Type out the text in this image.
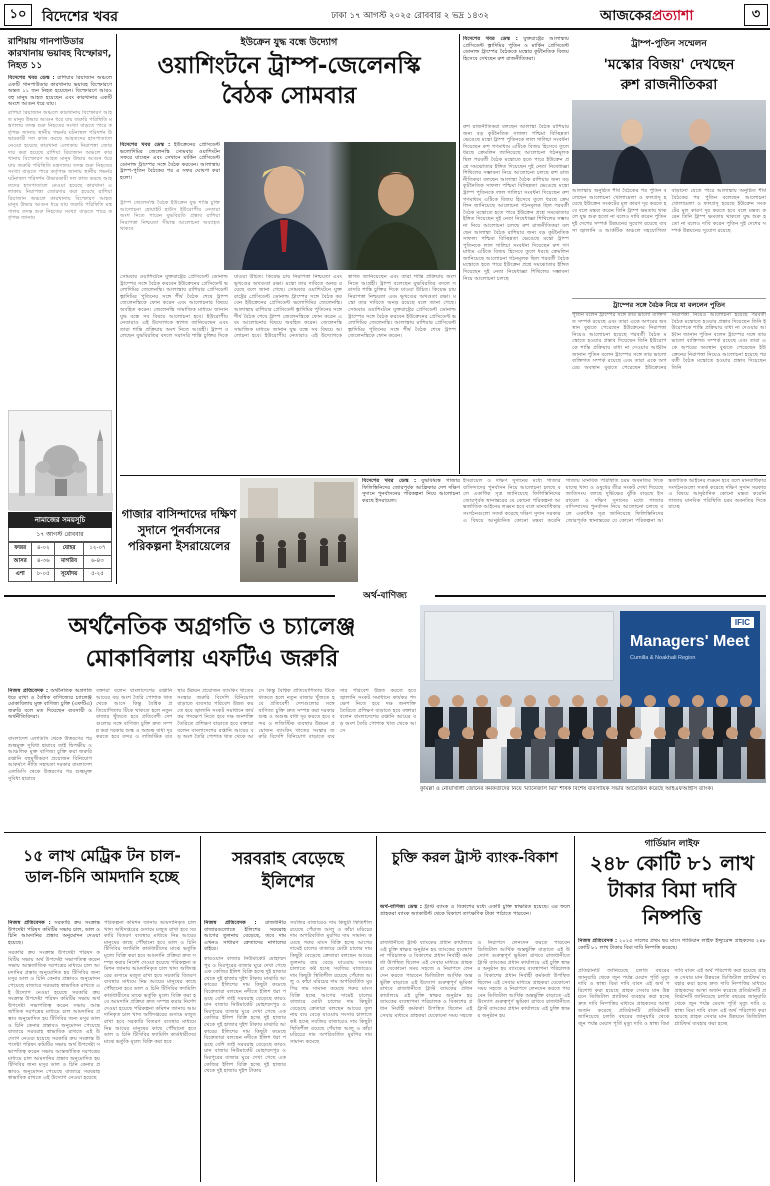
১০	বিদেশের খবর	ঢাকা ১৭ আগস্ট ২০২৫ রোববার ২ ভদ্র ১৪৩২	আজকেরপ্রত্যাশা	৩
রাশিয়ায় গানপাউডার কারখানায় ভয়াবহ বিস্ফোরণ, নিহত ১১
বিদেশের খবর ডেস্ক : রাশিয়ার রিয়াজান অঞ্চলে একটি গানপাউডার কারখানায় ভয়াবহ বিস্ফোরণে অন্তত ১১ জন নিহত হয়েছেন। বিস্ফোরণে আরও বহু মানুষ আহত হয়েছেন এবং কারখানার একটি অংশে আগুন ধরে যায়।
রাশিয়া রিয়াজান অঞ্চলে কারখানায় বিস্ফোরণ আহত মানুষ উদ্ধার আগুন ধরে যায় জরুরি পরিস্থিতি মন্ত্রণালয় তদন্ত শুরু নিহতের সংখ্যা বাড়তে পারে কর্তৃপক্ষ জানায় স্থানীয় গভর্নর ঘটনাস্থল পরিদর্শন উদ্ধারকারী দল কাজ করছে আহতদের হাসপাতালে নেওয়া হয়েছে কারখানা এলাকায় নিরাপত্তা জোরদার করা হয়েছে রাশিয়া রিয়াজান অঞ্চলে কারখানায় বিস্ফোরণ আহত মানুষ উদ্ধার আগুন ধরে যায় জরুরি পরিস্থিতি মন্ত্রণালয় তদন্ত শুরু নিহতের সংখ্যা বাড়তে পারে কর্তৃপক্ষ জানায় স্থানীয় গভর্নর ঘটনাস্থল পরিদর্শন উদ্ধারকারী দল কাজ করছে আহতদের হাসপাতালে নেওয়া হয়েছে কারখানা এলাকায় নিরাপত্তা জোরদার করা হয়েছে রাশিয়া রিয়াজান অঞ্চলে কারখানায় বিস্ফোরণ আহত মানুষ উদ্ধার আগুন ধরে যায় জরুরি পরিস্থিতি মন্ত্রণালয় তদন্ত শুরু নিহতের সংখ্যা বাড়তে পারে কর্তৃপক্ষ জানায়
নামাজের সময়সূচি
১৭ আগস্ট রোববার
ফজর	৪-০২	যোহর	১২-০৭
আসর	৪-৩৬	মাগরিব	৬-৪৩
এশা	৮-০৫	সূর্যোদয়	৫-২৫
ইউক্রেন যুদ্ধ বন্ধে উদ্যোগ
ওয়াশিংটনে ট্রাম্প-জেলেনস্কি
বৈঠক সোমবার
বিদেশের খবর ডেস্ক : ইউক্রেনের প্রেসিডেন্ট ভলোদিমির জেলেনস্কি সোমবার ওয়াশিংটন সফরে যাচ্ছেন এবং সেখানে মার্কিন প্রেসিডেন্ট ডোনাল্ড ট্রাম্পের সঙ্গে বৈঠক করবেন। আলাস্কায় ট্রাম্প-পুতিন বৈঠকের পর এ সফর ঘোষণা করা হলো।
ট্রাম্প জেলেনস্কি বৈঠক ইউক্রেন যুদ্ধ শান্তি চুক্তি আলোচনা হোয়াইট হাউস ইউরোপীয় নেতারা অংশ নিতে পারেন যুদ্ধবিরতি প্রস্তাব রাশিয়া নিরাপত্তা নিশ্চয়তা সীমান্ত আলোচনা অব্যাহত থাকবে
সোমবার ওয়াশিংটনে যুক্তরাষ্ট্রের প্রেসিডেন্ট ডোনাল্ড ট্রাম্পের সঙ্গে বৈঠক করবেন ইউক্রেনের প্রেসিডেন্ট ভলোদিমির জেলেনস্কি। আলাস্কায় রাশিয়ার প্রেসিডেন্ট ভ্লাদিমির পুতিনের সঙ্গে শীর্ষ বৈঠক শেষে ট্রাম্প জেলেনস্কিকে ফোন করেন এবং আলোচনার বিষয়ে অবহিত করেন। জেলেনস্কি সামাজিক মাধ্যমে জানান যুদ্ধ বন্ধে সব বিষয়ে আলোচনা হবে। ইউরোপীয় নেতারাও এই উদ্যোগকে স্বাগত জানিয়েছেন এবং তারা শান্তি প্রক্রিয়ায় অংশ নিতে আগ্রহী। ট্রাম্প বলেছেন যুদ্ধবিরতির বদলে সরাসরি শান্তি চুক্তির দিকে যাওয়া উচিত। কিয়েভ চায় নিরাপত্তা নিশ্চয়তা এবং ভূখণ্ডের অখণ্ডতা রক্ষা। মস্কো তার দাবিতে অনড় রয়েছে বলে জানা গেছে। সোমবার ওয়াশিংটনে যুক্তরাষ্ট্রের প্রেসিডেন্ট ডোনাল্ড ট্রাম্পের সঙ্গে বৈঠক করবেন ইউক্রেনের প্রেসিডেন্ট ভলোদিমির জেলেনস্কি। আলাস্কায় রাশিয়ার প্রেসিডেন্ট ভ্লাদিমির পুতিনের সঙ্গে শীর্ষ বৈঠক শেষে ট্রাম্প জেলেনস্কিকে ফোন করেন এবং আলোচনার বিষয়ে অবহিত করেন। জেলেনস্কি সামাজিক মাধ্যমে জানান যুদ্ধ বন্ধে সব বিষয়ে আলোচনা হবে। ইউরোপীয় নেতারাও এই উদ্যোগকে স্বাগত জানিয়েছেন এবং তারা শান্তি প্রক্রিয়ায় অংশ নিতে আগ্রহী। ট্রাম্প বলেছেন যুদ্ধবিরতির বদলে সরাসরি শান্তি চুক্তির দিকে যাওয়া উচিত। কিয়েভ চায় নিরাপত্তা নিশ্চয়তা এবং ভূখণ্ডের অখণ্ডতা রক্ষা। মস্কো তার দাবিতে অনড় রয়েছে বলে জানা গেছে। সোমবার ওয়াশিংটনে যুক্তরাষ্ট্রের প্রেসিডেন্ট ডোনাল্ড ট্রাম্পের সঙ্গে বৈঠক করবেন ইউক্রেনের প্রেসিডেন্ট ভলোদিমির জেলেনস্কি। আলাস্কায় রাশিয়ার প্রেসিডেন্ট ভ্লাদিমির পুতিনের সঙ্গে শীর্ষ বৈঠক শেষে ট্রাম্প জেলেনস্কিকে ফোন করেন।
বিদেশের খবর ডেস্ক : যুক্তরাষ্ট্রের আলাস্কায় প্রেসিডেন্ট ভ্লাদিমির পুতিন ও মার্কিন প্রেসিডেন্ট ডোনাল্ড ট্রাম্পের বৈঠককে মস্কোর কূটনৈতিক বিজয় হিসেবে দেখছেন রুশ রাজনীতিকরা।
ট্রাম্প-পুতিন সম্মেলন
'মস্কোর বিজয়' দেখছেন
রুশ রাজনীতিকরা
রুশ রাজনীতিকরা বলছেন আলাস্কা বৈঠক রাশিয়ার জন্য বড় কূটনৈতিক সাফল্য পশ্চিমা বিচ্ছিন্নতা ভেঙেছে মস্কো ট্রাম্প পুতিনকে লাল গালিচা সংবর্ধনা দিয়েছেন রুশ গণমাধ্যম এটিকে বিজয় হিসেবে তুলে ধরছে ক্রেমলিন জানিয়েছে আলোচনা গঠনমূলক ছিল পরবর্তী বৈঠক মস্কোতে হতে পারে ইউক্রেন প্রশ্নে সমঝোতার ইঙ্গিত দিয়েছেন দুই নেতা নিষেধাজ্ঞা শিথিলের সম্ভাবনা নিয়ে আলোচনা চলছে রুশ রাজনীতিকরা বলছেন আলাস্কা বৈঠক রাশিয়ার জন্য বড় কূটনৈতিক সাফল্য পশ্চিমা বিচ্ছিন্নতা ভেঙেছে মস্কো ট্রাম্প পুতিনকে লাল গালিচা সংবর্ধনা দিয়েছেন রুশ গণমাধ্যম এটিকে বিজয় হিসেবে তুলে ধরছে ক্রেমলিন জানিয়েছে আলোচনা গঠনমূলক ছিল পরবর্তী বৈঠক মস্কোতে হতে পারে ইউক্রেন প্রশ্নে সমঝোতার ইঙ্গিত দিয়েছেন দুই নেতা নিষেধাজ্ঞা শিথিলের সম্ভাবনা নিয়ে আলোচনা চলছে রুশ রাজনীতিকরা বলছেন আলাস্কা বৈঠক রাশিয়ার জন্য বড় কূটনৈতিক সাফল্য পশ্চিমা বিচ্ছিন্নতা ভেঙেছে মস্কো ট্রাম্প পুতিনকে লাল গালিচা সংবর্ধনা দিয়েছেন রুশ গণমাধ্যম এটিকে বিজয় হিসেবে তুলে ধরছে ক্রেমলিন জানিয়েছে আলোচনা গঠনমূলক ছিল পরবর্তী বৈঠক মস্কোতে হতে পারে ইউক্রেন প্রশ্নে সমঝোতার ইঙ্গিত দিয়েছেন দুই নেতা নিষেধাজ্ঞা শিথিলের সম্ভাবনা নিয়ে আলোচনা চলছে
ট্রাম্পের সঙ্গে বৈঠক নিয়ে যা বললেন পুতিন
আলাস্কায় অনুষ্ঠিত শীর্ষ বৈঠকের পর পুতিন বলেছেন আলোচনা খোলামেলা ও ফলপ্রসূ হয়েছে ইউক্রেন সংকটের মূল কারণ দূর করতে হবে বলে মন্তব্য করেন তিনি ট্রাম্প ক্ষমতায় থাকলে যুদ্ধ শুরু হতো না বলেও দাবি করেন পুতিন দুই দেশের সম্পর্ক উন্নয়নের সুযোগ রয়েছে ব্যবসা জ্বালানি ও আর্কটিক অঞ্চলে সহযোগিতা বাড়ানো যেতে পারে আলাস্কায় অনুষ্ঠিত শীর্ষ বৈঠকের পর পুতিন বলেছেন আলোচনা খোলামেলা ও ফলপ্রসূ হয়েছে ইউক্রেন সংকটের মূল কারণ দূর করতে হবে বলে মন্তব্য করেন তিনি ট্রাম্প ক্ষমতায় থাকলে যুদ্ধ শুরু হতো না বলেও দাবি করেন পুতিন দুই দেশের সম্পর্ক উন্নয়নের সুযোগ রয়েছে
পুতিন বলেন ট্রাম্পের সঙ্গে তার ভালো ব্যক্তিগত সম্পর্ক রয়েছে এবং তারা একে অপরের অবস্থান বুঝতে পেরেছেন ইউক্রেনের নিরাপত্তা নিয়েও আলোচনা হয়েছে পরবর্তী বৈঠক মস্কোতে হওয়ার প্রস্তাব দিয়েছেন তিনি ইউরোপকে শান্তি প্রক্রিয়ায় বাধা না দেওয়ার আহ্বান জানান পুতিন বলেন ট্রাম্পের সঙ্গে তার ভালো ব্যক্তিগত সম্পর্ক রয়েছে এবং তারা একে অপরের অবস্থান বুঝতে পেরেছেন ইউক্রেনের নিরাপত্তা নিয়েও আলোচনা হয়েছে পরবর্তী বৈঠক মস্কোতে হওয়ার প্রস্তাব দিয়েছেন তিনি ইউরোপকে শান্তি প্রক্রিয়ায় বাধা না দেওয়ার আহ্বান জানান পুতিন বলেন ট্রাম্পের সঙ্গে তার ভালো ব্যক্তিগত সম্পর্ক রয়েছে এবং তারা একে অপরের অবস্থান বুঝতে পেরেছেন ইউক্রেনের নিরাপত্তা নিয়েও আলোচনা হয়েছে পরবর্তী বৈঠক মস্কোতে হওয়ার প্রস্তাব দিয়েছেন তিনি
গাজার বাসিন্দাদের দক্ষিণ সুদানে পুনর্বাসনের পরিকল্পনা ইসরায়েলের
বিদেশের খবর ডেস্ক : যুদ্ধবিধ্বস্ত গাজার ফিলিস্তিনিদের জোরপূর্বক আফ্রিকার দেশ দক্ষিণ সুদানে পুনর্বাসনের পরিকল্পনা নিয়ে আলোচনা করছে ইসরায়েল।
ইসরায়েল ও দক্ষিণ সুদানের মধ্যে গাজার বাসিন্দাদের পুনর্বাসন নিয়ে আলোচনা চলছে বলে একাধিক সূত্র জানিয়েছে ফিলিস্তিনিদের জোরপূর্বক স্থানান্তরের যে কোনো পরিকল্পনা আন্তর্জাতিক আইনের লঙ্ঘন হবে বলে মানবাধিকার সংগঠনগুলো সতর্ক করেছে দক্ষিণ সুদান সরকার এ বিষয়ে আনুষ্ঠানিক কোনো মন্তব্য করেনি গাজায় মানবিক পরিস্থিতি চরম অবনতির দিকে যাচ্ছে খাদ্য ও ওষুধের তীব্র সংকট দেখা দিয়েছে জাতিসংঘ বলছে দুর্ভিক্ষের ঝুঁকি বাড়ছে ইসরায়েল ও দক্ষিণ সুদানের মধ্যে গাজার বাসিন্দাদের পুনর্বাসন নিয়ে আলোচনা চলছে বলে একাধিক সূত্র জানিয়েছে ফিলিস্তিনিদের জোরপূর্বক স্থানান্তরের যে কোনো পরিকল্পনা আন্তর্জাতিক আইনের লঙ্ঘন হবে বলে মানবাধিকার সংগঠনগুলো সতর্ক করেছে দক্ষিণ সুদান সরকার এ বিষয়ে আনুষ্ঠানিক কোনো মন্তব্য করেনি গাজায় মানবিক পরিস্থিতি চরম অবনতির দিকে যাচ্ছে
অর্থ-বাণিজ্য
অর্থনৈতিক অগ্রগতি ও চ্যালেঞ্জ
মোকাবিলায় এফটিএ জরুরি
নিজস্ব প্রতিবেদক : অর্থনৈতিক অগ্রগতি ধরে রাখা ও বৈশ্বিক বাণিজ্যের চ্যালেঞ্জ মোকাবিলায় মুক্ত বাণিজ্য চুক্তি (এফটিএ) জরুরি বলে মত দিয়েছেন ব্যবসায়ী ও অর্থনীতিবিদরা।
বাংলাদেশ এলডিসি থেকে উত্তরণের পর শুল্কমুক্ত সুবিধা হারাবে তাই দ্বিপক্ষীয় ও আঞ্চলিক মুক্ত বাণিজ্য চুক্তি করা জরুরি রপ্তানি বহুমুখীকরণ প্রয়োজন বিনিয়োগ আকর্ষণে নীতি সহায়তা দরকার বাংলাদেশ এলডিসি থেকে উত্তরণের পর শুল্কমুক্ত সুবিধা হারাবে
বক্তারা বলেন বাংলাদেশের রপ্তানি আয়ের বড় অংশ তৈরি পোশাক খাত থেকে আসে কিন্তু বৈশ্বিক প্রতিযোগিতায় টিকে থাকতে হলে নতুন বাজার খুঁজতে হবে প্রতিবেশী দেশগুলোর সঙ্গে বাণিজ্য চুক্তি দ্রুত সম্পন্ন করা দরকার শুল্ক ও অশুল্ক বাধা দূর করতে হবে বন্দর ও লজিস্টিক ব্যবস্থার উন্নয়ন প্রয়োজন ব্যাংকিং খাতের সংস্কার জরুরি বিদেশি বিনিয়োগ বাড়াতে ব্যবসার পরিবেশ উন্নত করতে হবে জ্বালানি সংকট সমাধানে কার্যকর পদক্ষেপ নিতে হবে দক্ষ জনশক্তি তৈরিতে প্রশিক্ষণ বাড়াতে হবে বক্তারা বলেন বাংলাদেশের রপ্তানি আয়ের বড় অংশ তৈরি পোশাক খাত থেকে আসে কিন্তু বৈশ্বিক প্রতিযোগিতায় টিকে থাকতে হলে নতুন বাজার খুঁজতে হবে প্রতিবেশী দেশগুলোর সঙ্গে বাণিজ্য চুক্তি দ্রুত সম্পন্ন করা দরকার শুল্ক ও অশুল্ক বাধা দূর করতে হবে বন্দর ও লজিস্টিক ব্যবস্থার উন্নয়ন প্রয়োজন ব্যাংকিং খাতের সংস্কার জরুরি বিদেশি বিনিয়োগ বাড়াতে ব্যবসার পরিবেশ উন্নত করতে হবে জ্বালানি সংকট সমাধানে কার্যকর পদক্ষেপ নিতে হবে দক্ষ জনশক্তি তৈরিতে প্রশিক্ষণ বাড়াতে হবে বক্তারা বলেন বাংলাদেশের রপ্তানি আয়ের বড় অংশ তৈরি পোশাক খাত থেকে আসে
Managers' Meet
Cumilla & Noakhali Region
IFIC
কুমিল্লা ও নোয়াখালী জোনের কর্মকর্তাদের নিয়ে 'ম্যানেজার্স মিট' শীর্ষক বিশেষ ব্যবসায়িক সভার আয়োজন করেছে আইএফআইসি ব্যাংক।
১৫ লাখ মেট্রিক টন চাল-ডাল-চিনি আমদানি হচ্ছে
নিজস্ব প্রতিবেদক : সরকারি ক্রয় সংক্রান্ত উপদেষ্টা পরিষদ কমিটির সভায় চাল, ডাল ও চিনি আমদানির প্রস্তাব অনুমোদন দেওয়া হয়েছে।
সরকারি ক্রয় সংক্রান্ত উপদেষ্টা পরিষদ কমিটির সভায় অর্থ উপদেষ্টা সভাপতিত্ব করেন সভায় আন্তর্জাতিক দরপত্রের মাধ্যমে চাল আমদানির প্রস্তাব অনুমোদিত হয় টিসিবির জন্য মসুর ডাল ও চিনি কেনার প্রস্তাবও অনুমোদন পেয়েছে বাজারে সরবরাহ স্বাভাবিক রাখতে এই উদ্যোগ নেওয়া হয়েছে সরকারি ক্রয় সংক্রান্ত উপদেষ্টা পরিষদ কমিটির সভায় অর্থ উপদেষ্টা সভাপতিত্ব করেন সভায় আন্তর্জাতিক দরপত্রের মাধ্যমে চাল আমদানির প্রস্তাব অনুমোদিত হয় টিসিবির জন্য মসুর ডাল ও চিনি কেনার প্রস্তাবও অনুমোদন পেয়েছে বাজারে সরবরাহ স্বাভাবিক রাখতে এই উদ্যোগ নেওয়া হয়েছে সরকারি ক্রয় সংক্রান্ত উপদেষ্টা পরিষদ কমিটির সভায় অর্থ উপদেষ্টা সভাপতিত্ব করেন সভায় আন্তর্জাতিক দরপত্রের মাধ্যমে চাল আমদানির প্রস্তাব অনুমোদিত হয় টিসিবির জন্য মসুর ডাল ও চিনি কেনার প্রস্তাবও অনুমোদন পেয়েছে বাজারে সরবরাহ স্বাভাবিক রাখতে এই উদ্যোগ নেওয়া হয়েছে
পরিকল্পনা কমিশন জানায় আমদানিকৃত চাল খাদ্য অধিদপ্তরের গুদামে মজুত রাখা হবে সরকারি বিতরণ ব্যবস্থার মাধ্যমে নিম্ন আয়ের মানুষের কাছে পৌঁছানো হবে ডাল ও চিনি টিসিবির ফ্যামিলি কার্ডধারীদের মাঝে ভর্তুকি মূল্যে বিক্রি করা হবে আমদানি প্রক্রিয়া দ্রুত সম্পন্ন করার নির্দেশ দেওয়া হয়েছে পরিকল্পনা কমিশন জানায় আমদানিকৃত চাল খাদ্য অধিদপ্তরের গুদামে মজুত রাখা হবে সরকারি বিতরণ ব্যবস্থার মাধ্যমে নিম্ন আয়ের মানুষের কাছে পৌঁছানো হবে ডাল ও চিনি টিসিবির ফ্যামিলি কার্ডধারীদের মাঝে ভর্তুকি মূল্যে বিক্রি করা হবে আমদানি প্রক্রিয়া দ্রুত সম্পন্ন করার নির্দেশ দেওয়া হয়েছে পরিকল্পনা কমিশন জানায় আমদানিকৃত চাল খাদ্য অধিদপ্তরের গুদামে মজুত রাখা হবে সরকারি বিতরণ ব্যবস্থার মাধ্যমে নিম্ন আয়ের মানুষের কাছে পৌঁছানো হবে ডাল ও চিনি টিসিবির ফ্যামিলি কার্ডধারীদের মাঝে ভর্তুকি মূল্যে বিক্রি করা হবে
সরবরাহ বেড়েছে ইলিশের
নিজস্ব প্রতিবেদক : রাজধানীর বাজারগুলোতে ইলিশের সরবরাহ আগের তুলনায় বেড়েছে, তবে দাম এখনও সাধারণ ক্রেতাদের নাগালের বাইরে।
কারওয়ান বাজার নিউমার্কেট মোহাম্মদপুর ও মিরপুরের বাজার ঘুরে দেখা গেছে এক কেজির ইলিশ বিক্রি হচ্ছে দুই হাজার থেকে দুই হাজার দুইশ টাকায় মাঝারি আকারের ইলিশের দাম কিছুটা কমেছে বিক্রেতারা বলছেন নদীতে ইলিশ ধরা পড়ছে বেশি তাই সরবরাহ বেড়েছে কারওয়ান বাজার নিউমার্কেট মোহাম্মদপুর ও মিরপুরের বাজার ঘুরে দেখা গেছে এক কেজির ইলিশ বিক্রি হচ্ছে দুই হাজার থেকে দুই হাজার দুইশ টাকায় মাঝারি আকারের ইলিশের দাম কিছুটা কমেছে বিক্রেতারা বলছেন নদীতে ইলিশ ধরা পড়ছে বেশি তাই সরবরাহ বেড়েছে কারওয়ান বাজার নিউমার্কেট মোহাম্মদপুর ও মিরপুরের বাজার ঘুরে দেখা গেছে এক কেজির ইলিশ বিক্রি হচ্ছে দুই হাজার থেকে দুই হাজার দুইশ টাকায়
সবজির বাজারেও দাম কিছুটা স্থিতিশীল রয়েছে পেঁয়াজ আলু ও কাঁচা মরিচের দাম অপরিবর্তিত মুরগির দাম সামান্য কমেছে গরুর মাংস বিক্রি হচ্ছে আগের দামেই চালের বাজারে মোটা চালের দাম কিছুটা বেড়েছে ক্রেতারা বলছেন আয়ের তুলনায় ব্যয় বেড়ে যাওয়ায় সংসার চালাতে কষ্ট হচ্ছে সবজির বাজারেও দাম কিছুটা স্থিতিশীল রয়েছে পেঁয়াজ আলু ও কাঁচা মরিচের দাম অপরিবর্তিত মুরগির দাম সামান্য কমেছে গরুর মাংস বিক্রি হচ্ছে আগের দামেই চালের বাজারে মোটা চালের দাম কিছুটা বেড়েছে ক্রেতারা বলছেন আয়ের তুলনায় ব্যয় বেড়ে যাওয়ায় সংসার চালাতে কষ্ট হচ্ছে সবজির বাজারেও দাম কিছুটা স্থিতিশীল রয়েছে পেঁয়াজ আলু ও কাঁচা মরিচের দাম অপরিবর্তিত মুরগির দাম সামান্য কমেছে
চুক্তি করল ট্রাস্ট ব্যাংক-বিকাশ
অর্থ-বাণিজ্য ডেস্ক : ট্রাস্ট ব্যাংক ও বিকাশের মধ্যে একটি চুক্তি স্বাক্ষরিত হয়েছে। এর ফলে গ্রাহকরা ব্যাংক অ্যাকাউন্ট থেকে বিকাশে তাৎক্ষণিক টাকা পাঠাতে পারবেন।
রাজধানীতে ট্রাস্ট ব্যাংকের প্রধান কার্যালয়ে এই চুক্তি স্বাক্ষর অনুষ্ঠান হয় ব্যাংকের ব্যবস্থাপনা পরিচালক ও বিকাশের প্রধান নির্বাহী কর্মকর্তা উপস্থিত ছিলেন এই সেবার মাধ্যমে গ্রাহকরা যেকোনো সময় সহজে ও নিরাপদে লেনদেন করতে পারবেন ডিজিটাল আর্থিক অন্তর্ভুক্তি বাড়াতে এই উদ্যোগ গুরুত্বপূর্ণ ভূমিকা রাখবে রাজধানীতে ট্রাস্ট ব্যাংকের প্রধান কার্যালয়ে এই চুক্তি স্বাক্ষর অনুষ্ঠান হয় ব্যাংকের ব্যবস্থাপনা পরিচালক ও বিকাশের প্রধান নির্বাহী কর্মকর্তা উপস্থিত ছিলেন এই সেবার মাধ্যমে গ্রাহকরা যেকোনো সময় সহজে ও নিরাপদে লেনদেন করতে পারবেন ডিজিটাল আর্থিক অন্তর্ভুক্তি বাড়াতে এই উদ্যোগ গুরুত্বপূর্ণ ভূমিকা রাখবে রাজধানীতে ট্রাস্ট ব্যাংকের প্রধান কার্যালয়ে এই চুক্তি স্বাক্ষর অনুষ্ঠান হয় ব্যাংকের ব্যবস্থাপনা পরিচালক ও বিকাশের প্রধান নির্বাহী কর্মকর্তা উপস্থিত ছিলেন এই সেবার মাধ্যমে গ্রাহকরা যেকোনো সময় সহজে ও নিরাপদে লেনদেন করতে পারবেন ডিজিটাল আর্থিক অন্তর্ভুক্তি বাড়াতে এই উদ্যোগ গুরুত্বপূর্ণ ভূমিকা রাখবে রাজধানীতে ট্রাস্ট ব্যাংকের প্রধান কার্যালয়ে এই চুক্তি স্বাক্ষর অনুষ্ঠান হয়
গার্ডিয়ান লাইফ
২৪৮ কোটি ৮১ লাখ টাকার বিমা দাবি নিষ্পত্তি
নিজস্ব প্রতিবেদক : ২০২৫ সালের প্রথম ছয় মাসে গার্ডিয়ান লাইফ ইন্স্যুরেন্স গ্রাহকদের ২৪৮ কোটি ৮১ লাখ টাকার বিমা দাবি নিষ্পত্তি করেছে।
প্রতিষ্ঠানটি জানিয়েছে চলতি বছরের জানুয়ারি থেকে জুন পর্যন্ত মেয়াদ পূর্তি মৃত্যু দাবি ও স্বাস্থ্য বিমা দাবি বাবদ এই অর্থ পরিশোধ করা হয়েছে গ্রাহক সেবার মান উন্নয়নে ডিজিটাল প্ল্যাটফর্ম ব্যবহার করা হচ্ছে দ্রুত দাবি নিষ্পত্তির মাধ্যমে গ্রাহকদের আস্থা অর্জন করেছে প্রতিষ্ঠানটি প্রতিষ্ঠানটি জানিয়েছে চলতি বছরের জানুয়ারি থেকে জুন পর্যন্ত মেয়াদ পূর্তি মৃত্যু দাবি ও স্বাস্থ্য বিমা দাবি বাবদ এই অর্থ পরিশোধ করা হয়েছে গ্রাহক সেবার মান উন্নয়নে ডিজিটাল প্ল্যাটফর্ম ব্যবহার করা হচ্ছে দ্রুত দাবি নিষ্পত্তির মাধ্যমে গ্রাহকদের আস্থা অর্জন করেছে প্রতিষ্ঠানটি প্রতিষ্ঠানটি জানিয়েছে চলতি বছরের জানুয়ারি থেকে জুন পর্যন্ত মেয়াদ পূর্তি মৃত্যু দাবি ও স্বাস্থ্য বিমা দাবি বাবদ এই অর্থ পরিশোধ করা হয়েছে গ্রাহক সেবার মান উন্নয়নে ডিজিটাল প্ল্যাটফর্ম ব্যবহার করা হচ্ছে
